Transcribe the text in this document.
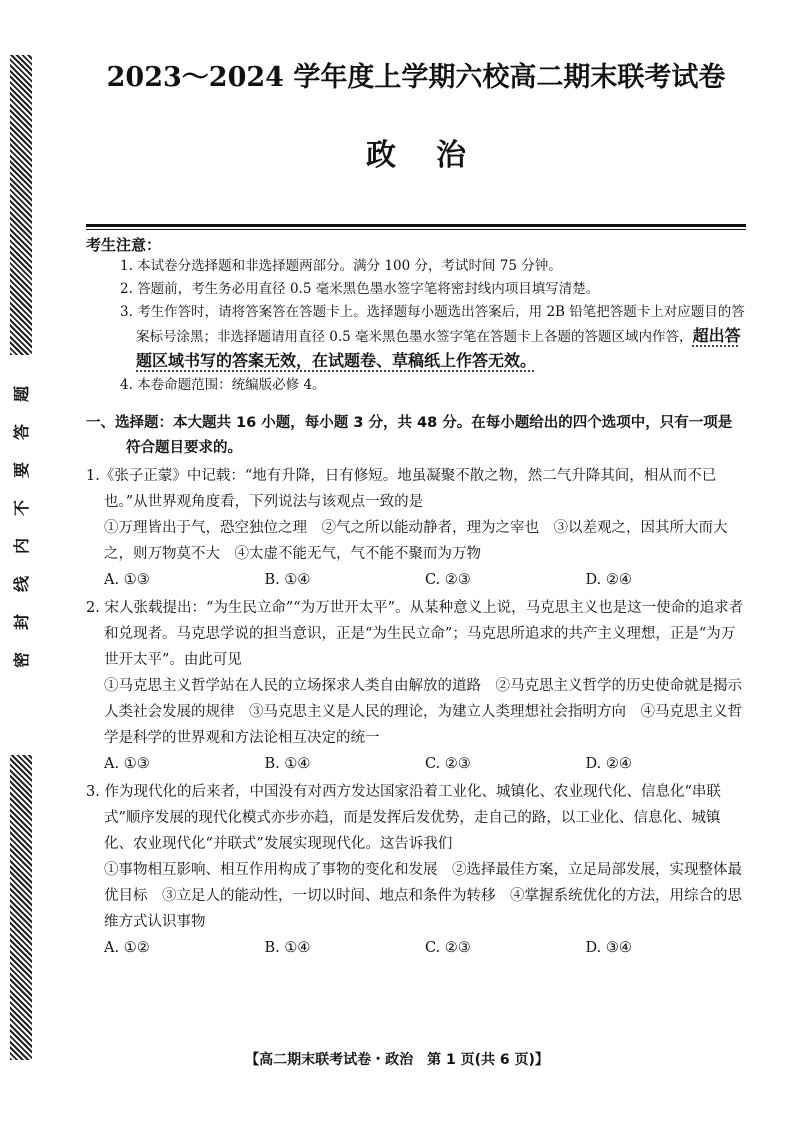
题
答
要
不
内
线
封
密
2023～2024 学年度上学期六校高二期末联考试卷
政治
考生注意：
1. 本试卷分选择题和非选择题两部分。满分 100 分，考试时间 75 分钟。
2. 答题前，考生务必用直径 0.5 毫米黑色墨水签字笔将密封线内项目填写清楚。
3. 考生作答时，请将答案答在答题卡上。选择题每小题选出答案后，用 2B 铅笔把答题卡上对应题目的答案标号涂黑；非选择题请用直径 0.5 毫米黑色墨水签字笔在答题卡上各题的答题区域内作答，超出答题区域书写的答案无效，在试题卷、草稿纸上作答无效。
4. 本卷命题范围：统编版必修 4。
一、选择题：本大题共 16 小题，每小题 3 分，共 48 分。在每小题给出的四个选项中，只有一项是符合题目要求的。
1.《张子正蒙》中记载：“地有升降，日有修短。地虽凝聚不散之物，然二气升降其间，相从而不已也。”从世界观角度看，下列说法与该观点一致的是
①万理皆出于气，恐空独位之理　②气之所以能动静者，理为之宰也　③以差观之，因其所大而大之，则万物莫不大　④太虚不能无气，气不能不聚而为万物
A. ①③	B. ①④	C. ②③	D. ②④
2. 宋人张载提出：“为生民立命”“为万世开太平”。从某种意义上说，马克思主义也是这一使命的追求者和兑现者。马克思学说的担当意识，正是“为生民立命”；马克思所追求的共产主义理想，正是“为万世开太平”。由此可见
①马克思主义哲学站在人民的立场探求人类自由解放的道路　②马克思主义哲学的历史使命就是揭示人类社会发展的规律　③马克思主义是人民的理论，为建立人类理想社会指明方向　④马克思主义哲学是科学的世界观和方法论相互决定的统一
A. ①③	B. ①④	C. ②③	D. ②④
3. 作为现代化的后来者，中国没有对西方发达国家沿着工业化、城镇化、农业现代化、信息化“串联式”顺序发展的现代化模式亦步亦趋，而是发挥后发优势，走自己的路，以工业化、信息化、城镇化、农业现代化“并联式”发展实现现代化。这告诉我们
①事物相互影响、相互作用构成了事物的变化和发展　②选择最佳方案，立足局部发展，实现整体最优目标　③立足人的能动性，一切以时间、地点和条件为转移　④掌握系统优化的方法，用综合的思维方式认识事物
A. ①②	B. ①④	C. ②③	D. ③④
【高二期末联考试卷・政治　第 1 页(共 6 页)】
